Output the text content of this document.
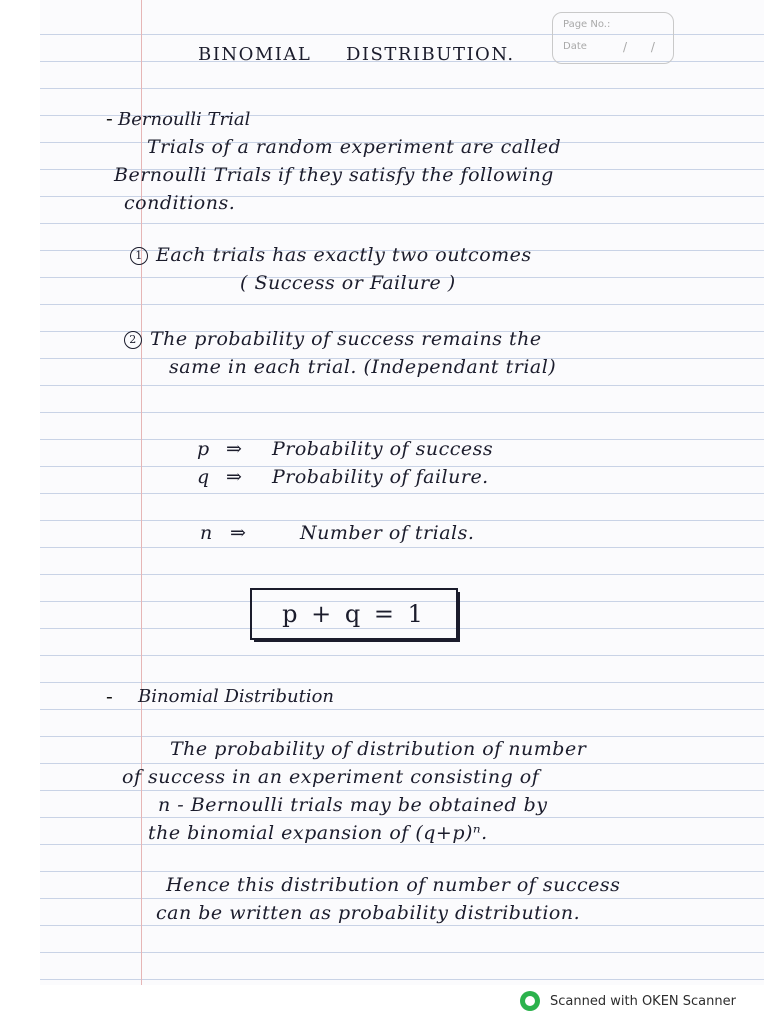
Page No.:
Date	/ /
BINOMIAL DISTRIBUTION.
- Bernoulli Trial
Trials of a random experiment are called
Bernoulli Trials if they satisfy the following
conditions.
1 Each trials has exactly two outcomes
( Success or Failure )
2 The probability of success remains the
same in each trial. (Independant trial)
p ⇒ Probability of success
q ⇒ Probability of failure.
n ⇒	Number of trials.
- Binomial Distribution
The probability of distribution of number
of success in an experiment consisting of
n - Bernoulli trials may be obtained by
the binomial expansion of (q+p)ⁿ.
Hence this distribution of number of success
can be written as probability distribution.
p + q = 1
Scanned with OKEN Scanner
